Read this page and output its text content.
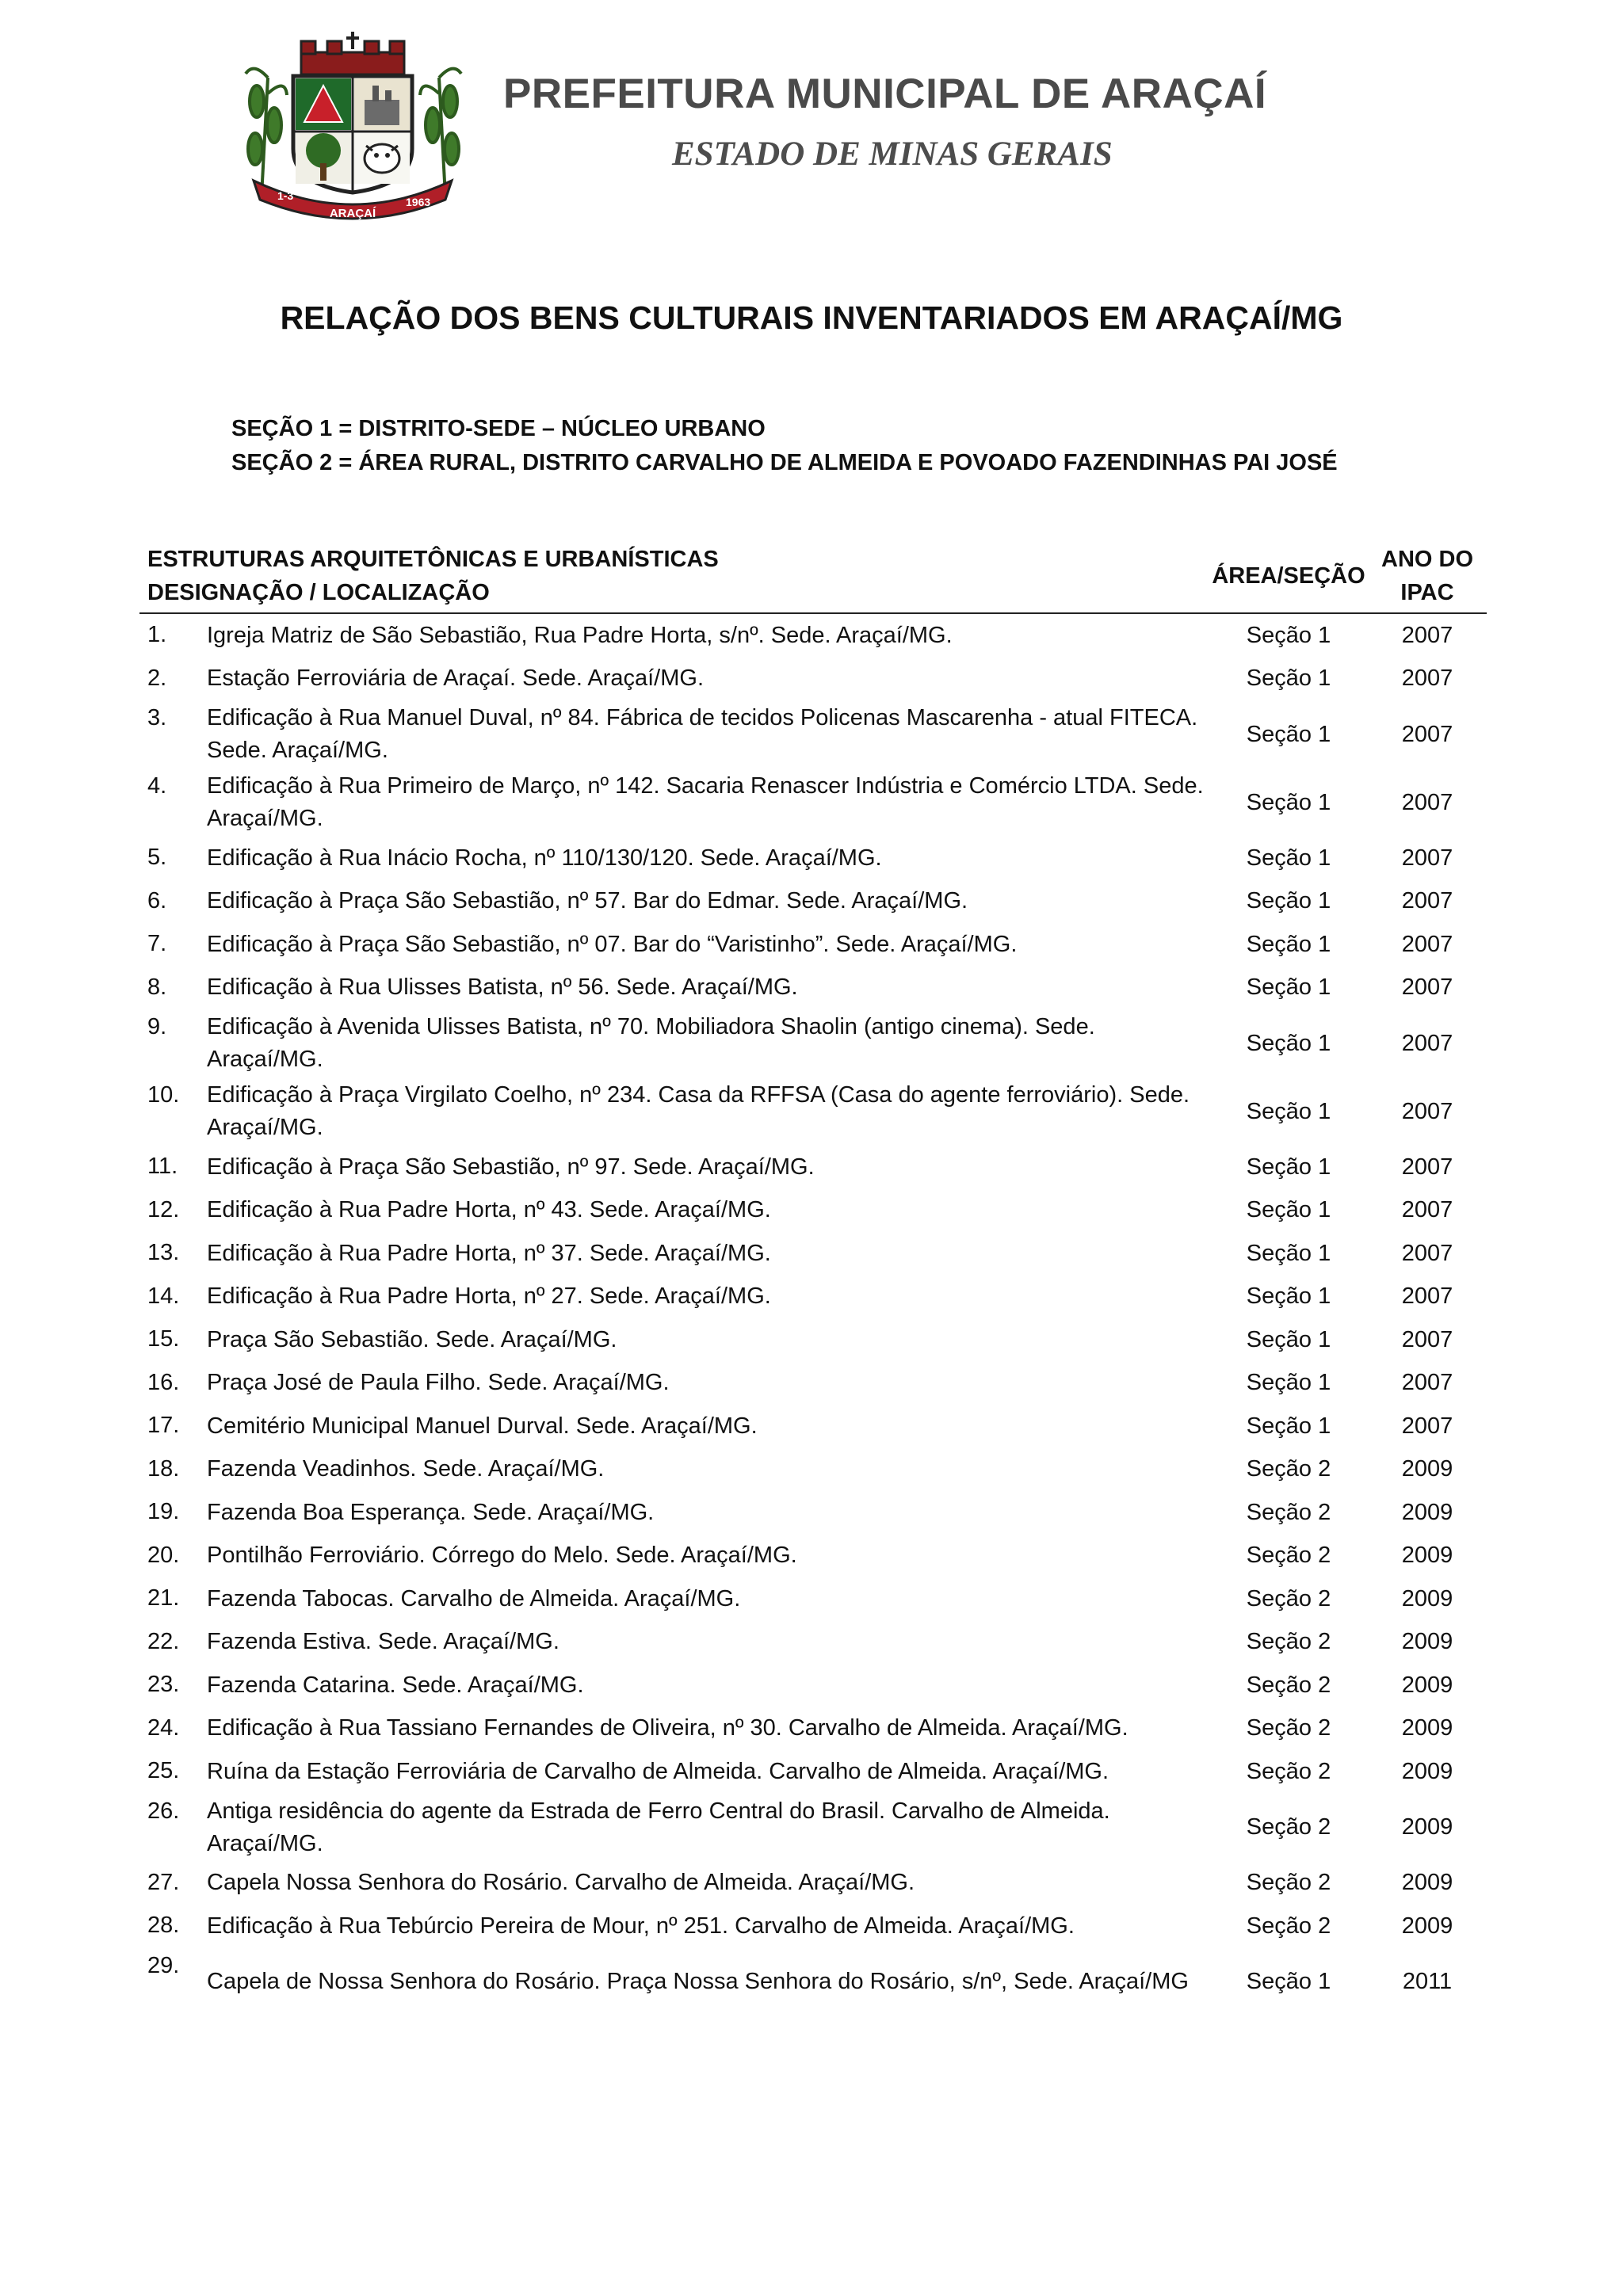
1-3
ARAÇAÍ
1963
PREFEITURA MUNICIPAL DE ARAÇAÍ
ESTADO DE MINAS GERAIS
RELAÇÃO DOS BENS CULTURAIS INVENTARIADOS EM ARAÇAÍ/MG
SEÇÃO 1 = DISTRITO-SEDE – NÚCLEO URBANO
SEÇÃO 2 = ÁREA RURAL, DISTRITO CARVALHO DE ALMEIDA E POVOADO FAZENDINHAS PAI JOSÉ
ESTRUTURAS ARQUITETÔNICAS E URBANÍSTICAS
DESIGNAÇÃO / LOCALIZAÇÃO
ÁREA/SEÇÃO
ANO DO
IPAC
1.	Igreja Matriz de São Sebastião, Rua Padre Horta, s/nº. Sede. Araçaí/MG.	Seção 1	2007
2.	Estação Ferroviária de Araçaí. Sede. Araçaí/MG.	Seção 1	2007
3.	Edificação à Rua Manuel Duval, nº 84. Fábrica de tecidos Policenas Mascarenha - atual FITECA. Sede. Araçaí/MG.
Seção 1	2007
4.	Edificação à Rua Primeiro de Março, nº 142. Sacaria Renascer Indústria e Comércio LTDA. Sede. Araçaí/MG.
Seção 1	2007
5.	Edificação à Rua Inácio Rocha, nº 110/130/120. Sede. Araçaí/MG.	Seção 1	2007
6.	Edificação à Praça São Sebastião, nº 57. Bar do Edmar. Sede. Araçaí/MG.	Seção 1	2007
7.	Edificação à Praça São Sebastião, nº 07. Bar do “Varistinho”. Sede. Araçaí/MG.	Seção 1	2007
8.	Edificação à Rua Ulisses Batista, nº 56. Sede. Araçaí/MG.	Seção 1	2007
9.	Edificação à Avenida Ulisses Batista, nº 70. Mobiliadora Shaolin (antigo cinema). Sede. Araçaí/MG.
Seção 1	2007
10.	Edificação à Praça Virgilato Coelho, nº 234. Casa da RFFSA (Casa do agente ferroviário). Sede. Araçaí/MG.
Seção 1	2007
11.	Edificação à Praça São Sebastião, nº 97. Sede. Araçaí/MG.	Seção 1	2007
12.	Edificação à Rua Padre Horta, nº 43. Sede. Araçaí/MG.	Seção 1	2007
13.	Edificação à Rua Padre Horta, nº 37. Sede. Araçaí/MG.	Seção 1	2007
14.	Edificação à Rua Padre Horta, nº 27. Sede. Araçaí/MG.	Seção 1	2007
15.	Praça São Sebastião. Sede. Araçaí/MG.	Seção 1	2007
16.	Praça José de Paula Filho. Sede. Araçaí/MG.	Seção 1	2007
17.	Cemitério Municipal Manuel Durval. Sede. Araçaí/MG.	Seção 1	2007
18.	Fazenda Veadinhos. Sede. Araçaí/MG.	Seção 2	2009
19.	Fazenda Boa Esperança. Sede. Araçaí/MG.	Seção 2	2009
20.	Pontilhão Ferroviário. Córrego do Melo. Sede. Araçaí/MG.	Seção 2	2009
21.	Fazenda Tabocas. Carvalho de Almeida. Araçaí/MG.	Seção 2	2009
22.	Fazenda Estiva. Sede. Araçaí/MG.	Seção 2	2009
23.	Fazenda Catarina. Sede. Araçaí/MG.	Seção 2	2009
24.	Edificação à Rua Tassiano Fernandes de Oliveira, nº 30. Carvalho de Almeida. Araçaí/MG.	Seção 2	2009
25.	Ruína da Estação Ferroviária de Carvalho de Almeida. Carvalho de Almeida. Araçaí/MG.	Seção 2	2009
26.	Antiga residência do agente da Estrada de Ferro Central do Brasil. Carvalho de Almeida. Araçaí/MG.
Seção 2	2009
27.	Capela Nossa Senhora do Rosário. Carvalho de Almeida. Araçaí/MG.	Seção 2	2009
28.	Edificação à Rua Tebúrcio Pereira de Mour, nº 251. Carvalho de Almeida. Araçaí/MG.	Seção 2	2009
29.
Capela de Nossa Senhora do Rosário. Praça Nossa Senhora do Rosário, s/nº, Sede. Araçaí/MG	Seção 1	2011
